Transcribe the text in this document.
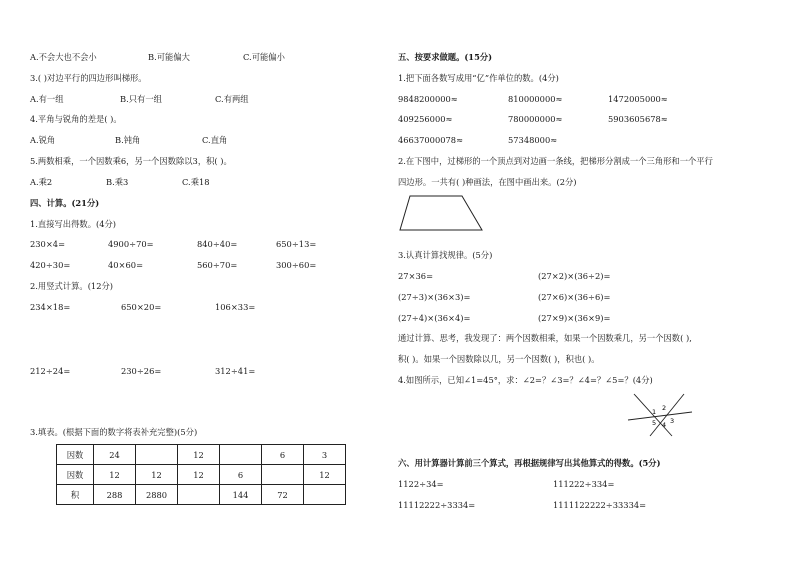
A.不会大也不会小	B.可能偏大	C.可能偏小
3.( )对边平行的四边形叫梯形。
A.有一组	B.只有一组	C.有两组
4.平角与锐角的差是( )。
A.锐角	B.钝角	C.直角
5.两数相乘，一个因数乘6，另一个因数除以3，积( )。
A.乘2	B.乘3	C.乘18
四、计算。(21分)
1.直接写出得数。(4分)
230×4=	4900÷70=	840÷40=	650÷13=
420÷30=	40×60=	560÷70=	300÷60=
2.用竖式计算。(12分)
234×18=	650×20=	106×33=
212÷24=	230÷26=	312÷41=
3.填表。(根据下面的数字将表补充完整)(5分)
因数	24		12		6	3
因数	12	12	12	6		12
积	288	2880		144	72	
五、按要求做题。(15分)
1.把下面各数写成用“亿”作单位的数。(4分)
9848200000≈	810000000≈	1472005000≈
409256000≈	780000000≈	5903605678≈
46637000078≈	57348000≈
2.在下图中，过梯形的一个顶点到对边画一条线，把梯形分割成一个三角形和一个平行
四边形。一共有( )种画法，在图中画出来。(2分)
3.认真计算找规律。(5分)
27×36=	(27×2)×(36÷2)=
(27÷3)×(36×3)=	(27×6)×(36÷6)=
(27÷4)×(36×4)=	(27×9)×(36×9)=
通过计算、思考，我发现了：两个因数相乘，如果一个因数乘几，另一个因数( ),
积( )。如果一个因数除以几，另一个因数( )，积也( )。
4.如图所示，已知∠1=45°，求：∠2=？∠3=？∠4=？∠5=？(4分)
1 2
3
4
5
六、用计算器计算前三个算式，再根据规律写出其他算式的得数。(5分)
1122÷34=	111222÷334=
11112222÷3334=	1111122222÷33334=
